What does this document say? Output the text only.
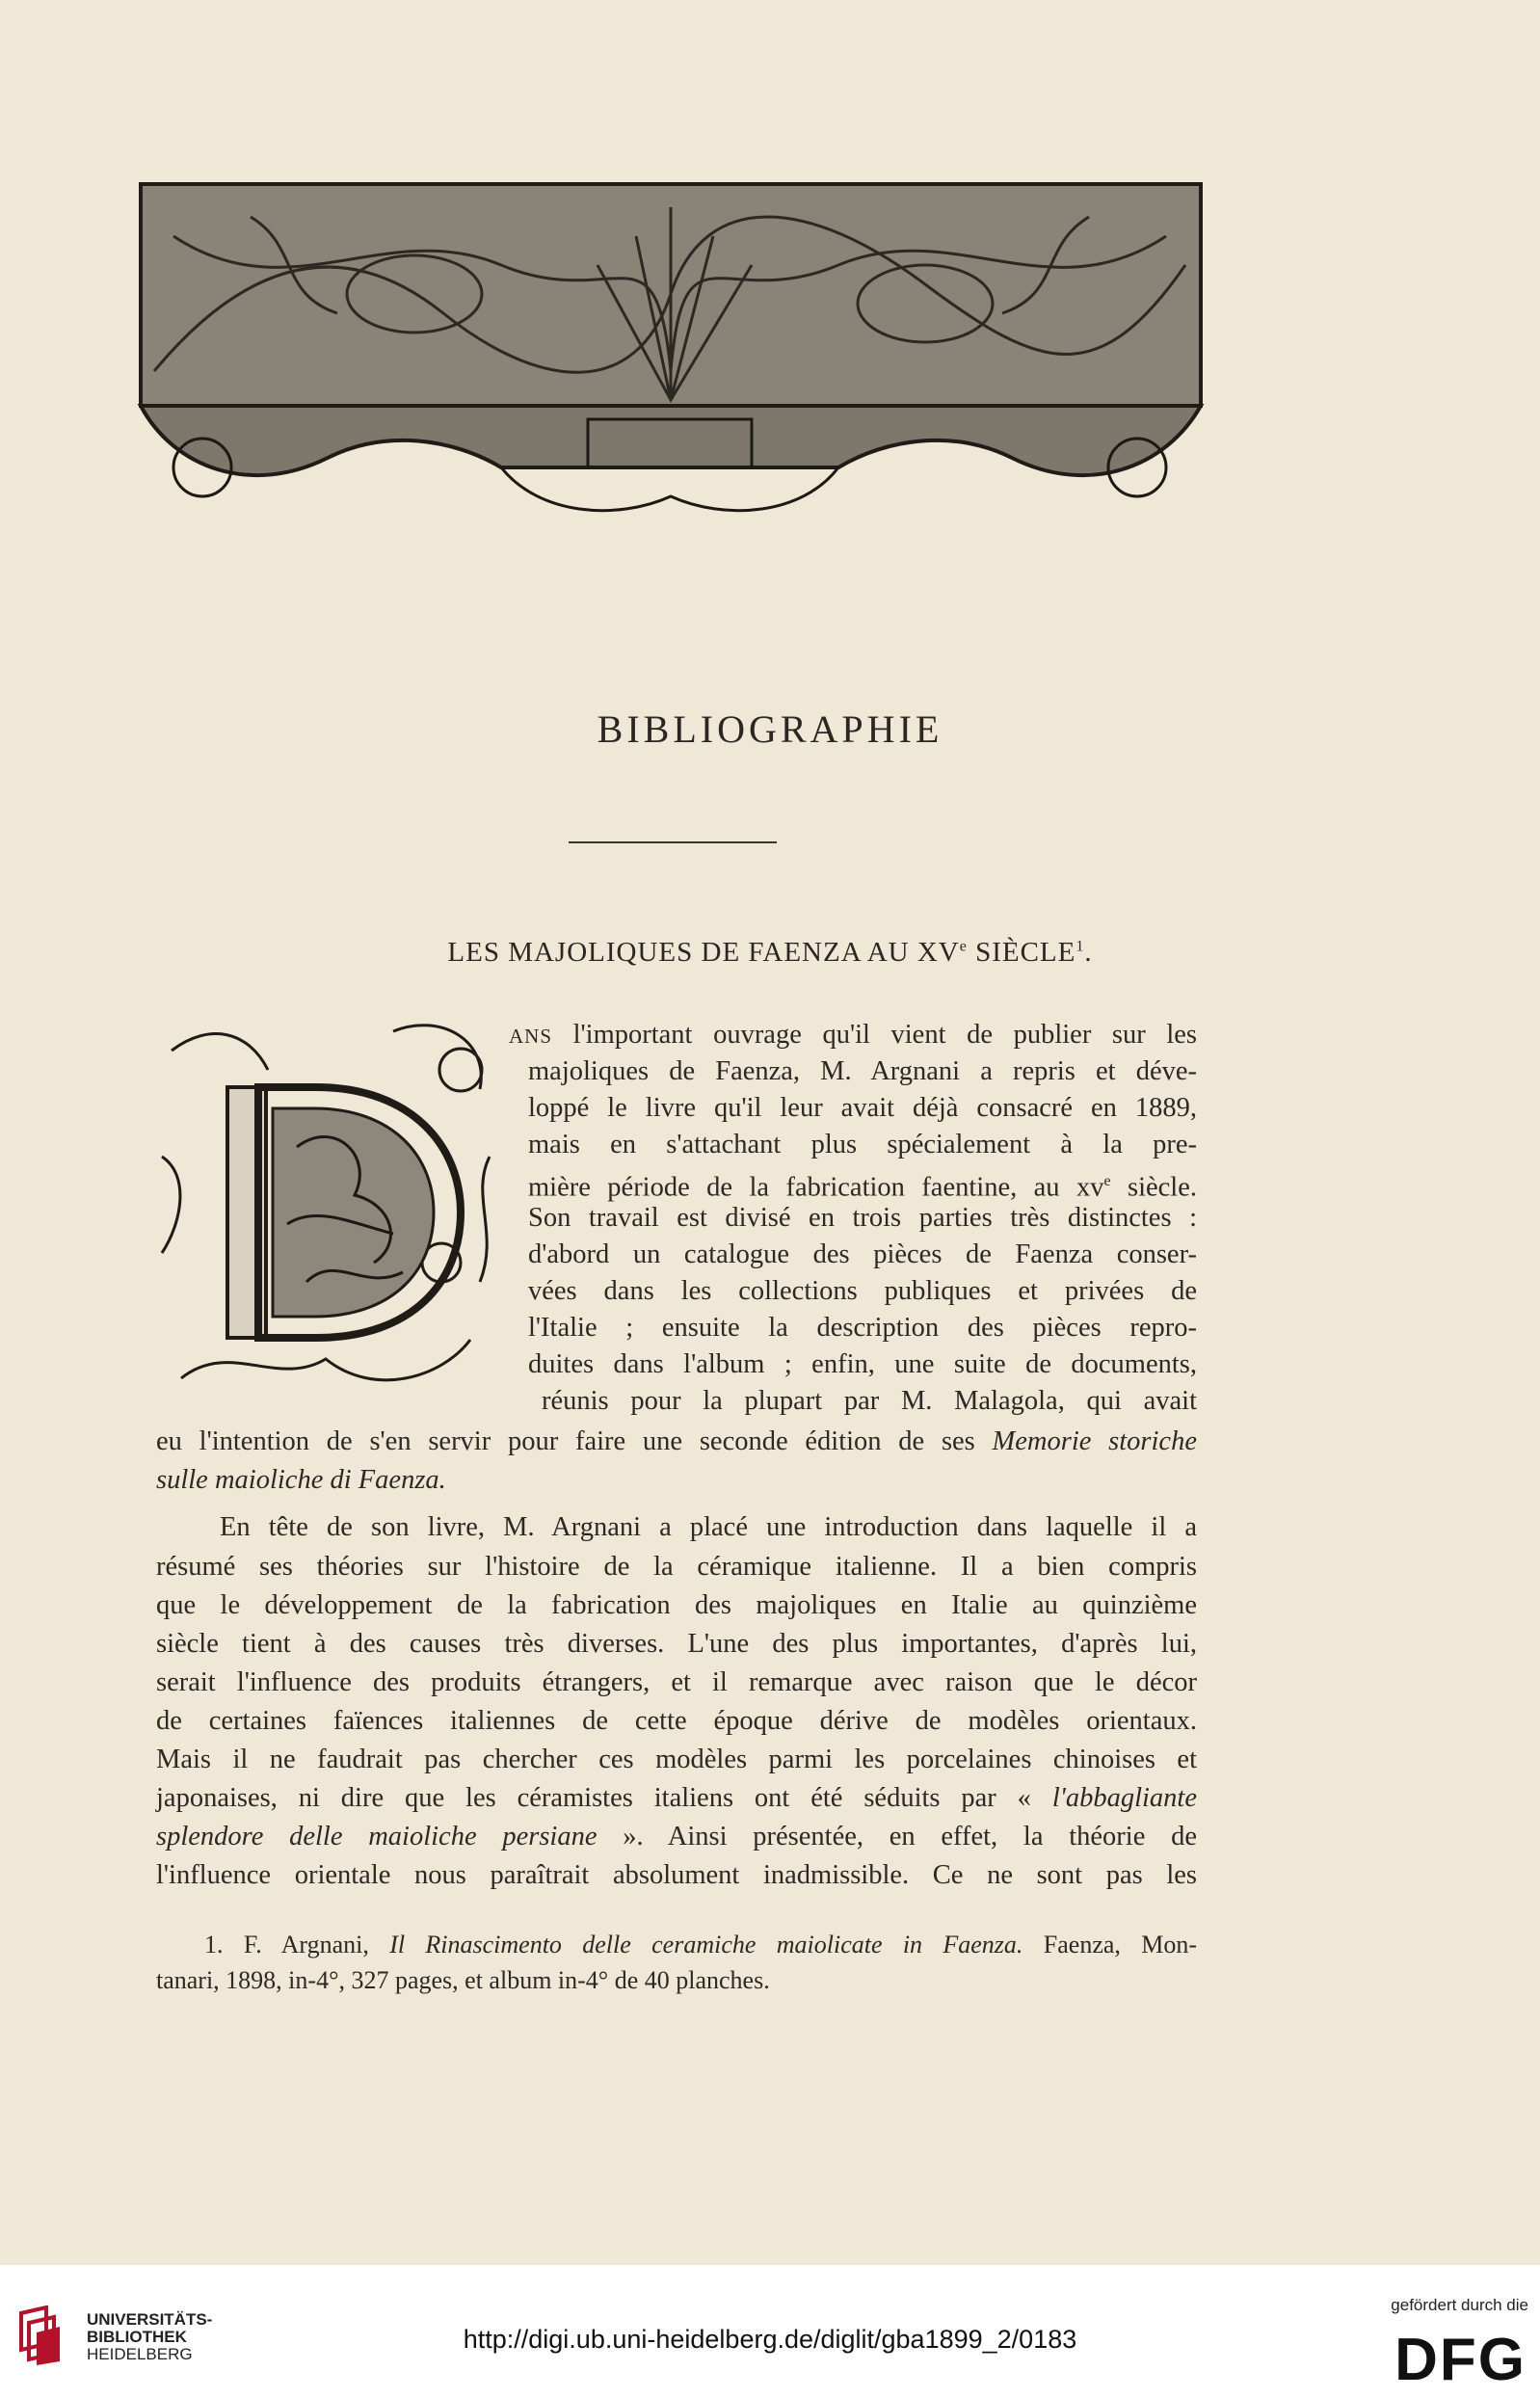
BIBLIOGRAPHIE
LES MAJOLIQUES DE FAENZA AU XVe SIÈCLE$^1$.
ANS l'important ouvrage qu'il vient de publier sur les
majoliques de Faenza, M. Argnani a repris et déve-
loppé le livre qu'il leur avait déjà consacré en 1889,
mais en s'attachant plus spécialement à la pre-
mière période de la fabrication faentine, au $xv^e$ siècle.
Son travail est divisé en trois parties très distinctes :
d'abord un catalogue des pièces de Faenza conser-
vées dans les collections publiques et privées de
l'Italie ; ensuite la description des pièces repro-
duites dans l'album ; enfin, une suite de documents,
réunis pour la plupart par M. Malagola, qui avait
eu l'intention de s'en servir pour faire une seconde édition de ses Memorie storiche
sulle maioliche di Faenza.
En tête de son livre, M. Argnani a placé une introduction dans laquelle il a
résumé ses théories sur l'histoire de la céramique italienne. Il a bien compris
que le développement de la fabrication des majoliques en Italie au quinzième
siècle tient à des causes très diverses. L'une des plus importantes, d'après lui,
serait l'influence des produits étrangers, et il remarque avec raison que le décor
de certaines faïences italiennes de cette époque dérive de modèles orientaux.
Mais il ne faudrait pas chercher ces modèles parmi les porcelaines chinoises et
japonaises, ni dire que les céramistes italiens ont été séduits par « l'abbagliante
splendore delle maioliche persiane ». Ainsi présentée, en effet, la théorie de
l'influence orientale nous paraîtrait absolument inadmissible. Ce ne sont pas les
1. F. Argnani, Il Rinascimento delle ceramiche maiolicate in Faenza. Faenza, Mon-
tanari, 1898, in-4°, 327 pages, et album in-4° de 40 planches.
UNIVERSITÄTS-
BIBLIOTHEK
HEIDELBERG
http://digi.ub.uni-heidelberg.de/diglit/gba1899_2/0183
gefördert durch die
DFG
